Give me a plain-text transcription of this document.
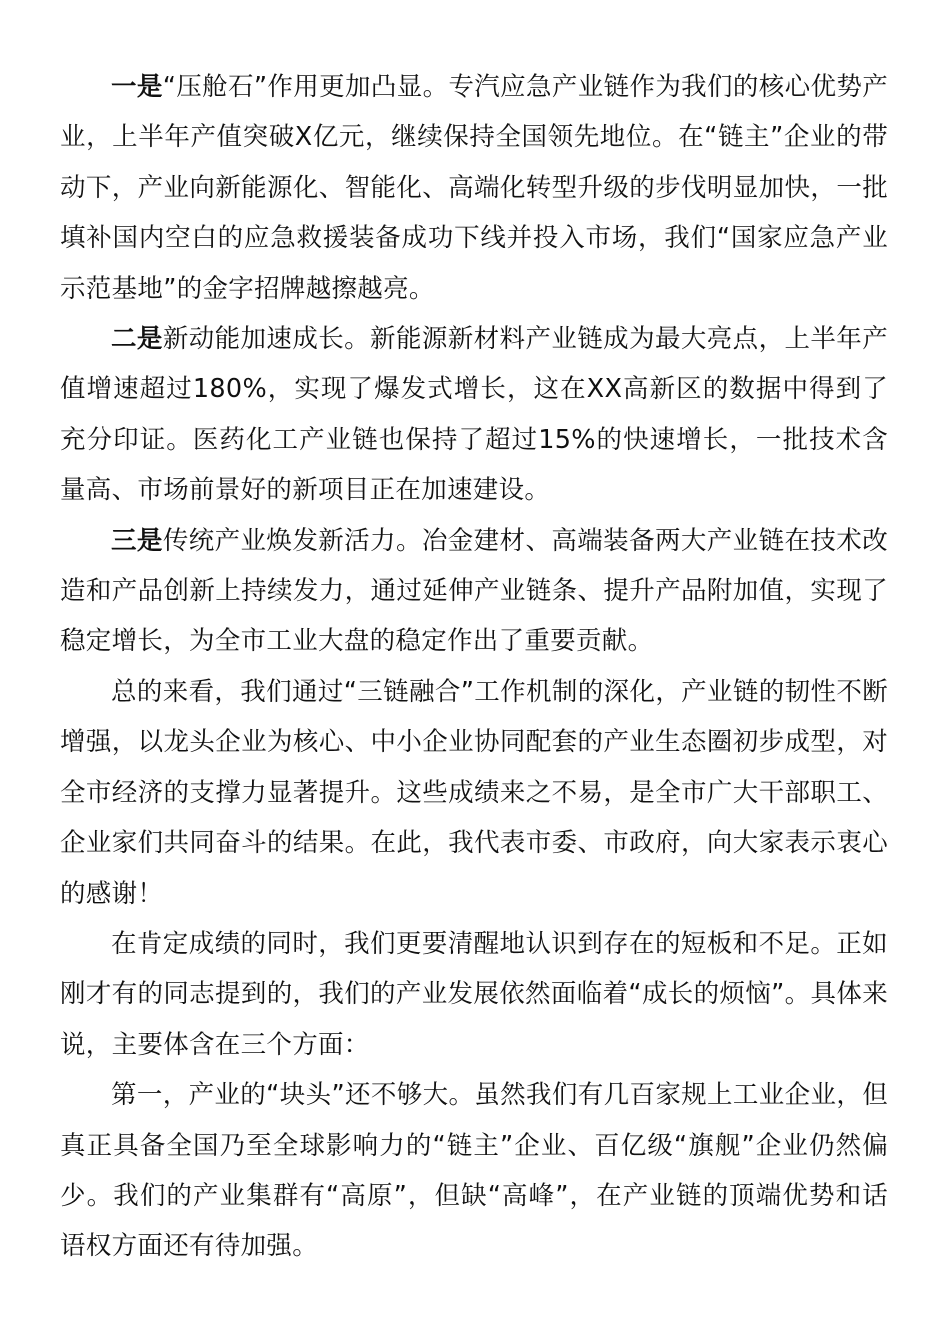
一是“压舱石”作用更加凸显。专汽应急产业链作为我们的核心优势产业，上半年产值突破X亿元，继续保持全国领先地位。在“链主”企业的带动下，产业向新能源化、智能化、高端化转型升级的步伐明显加快，一批填补国内空白的应急救援装备成功下线并投入市场，我们“国家应急产业示范基地”的金字招牌越擦越亮。

二是新动能加速成长。新能源新材料产业链成为最大亮点，上半年产值增速超过180%，实现了爆发式增长，这在XX高新区的数据中得到了充分印证。医药化工产业链也保持了超过15%的快速增长，一批技术含量高、市场前景好的新项目正在加速建设。

三是传统产业焕发新活力。冶金建材、高端装备两大产业链在技术改造和产品创新上持续发力，通过延伸产业链条、提升产品附加值，实现了稳定增长，为全市工业大盘的稳定作出了重要贡献。

总的来看，我们通过“三链融合”工作机制的深化，产业链的韧性不断增强，以龙头企业为核心、中小企业协同配套的产业生态圈初步成型，对全市经济的支撑力显著提升。这些成绩来之不易，是全市广大干部职工、企业家们共同奋斗的结果。在此，我代表市委、市政府，向大家表示衷心的感谢！

在肯定成绩的同时，我们更要清醒地认识到存在的短板和不足。正如刚才有的同志提到的，我们的产业发展依然面临着“成长的烦恼”。具体来说，主要体含在三个方面：

第一，产业的“块头”还不够大。虽然我们有几百家规上工业企业，但真正具备全国乃至全球影响力的“链主”企业、百亿级“旗舰”企业仍然偏少。我们的产业集群有“高原”，但缺“高峰”，在产业链的顶端优势和话语权方面还有待加强。
